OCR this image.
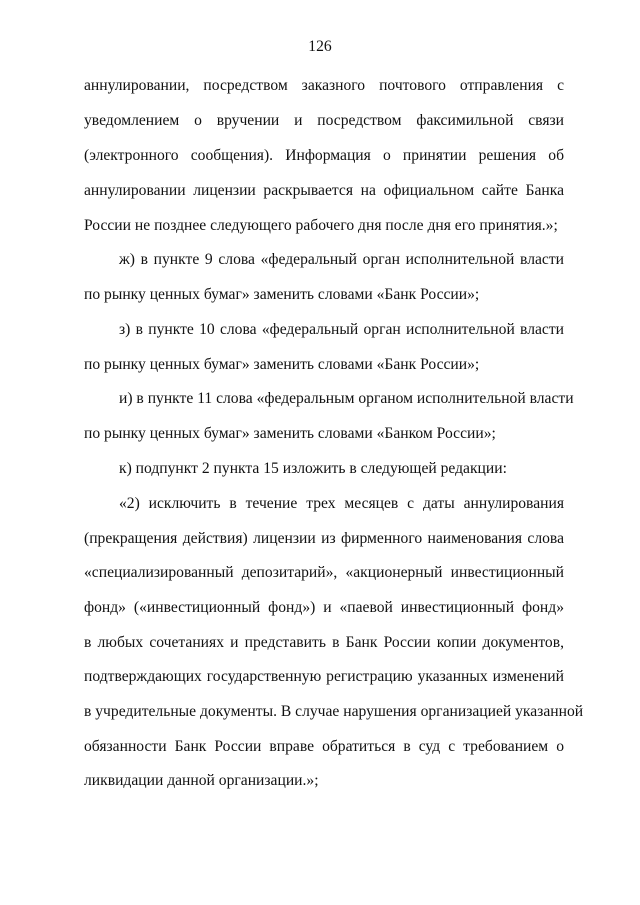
126
аннулировании, посредством заказного почтового отправления с
уведомлением о вручении и посредством факсимильной связи
(электронного сообщения). Информация о принятии решения об
аннулировании лицензии раскрывается на официальном сайте Банка
России не позднее следующего рабочего дня после дня его принятия.»;
ж) в пункте 9 слова «федеральный орган исполнительной власти
по рынку ценных бумаг» заменить словами «Банк России»;
з) в пункте 10 слова «федеральный орган исполнительной власти
по рынку ценных бумаг» заменить словами «Банк России»;
и) в пункте 11 слова «федеральным органом исполнительной власти
по рынку ценных бумаг» заменить словами «Банком России»;
к) подпункт 2 пункта 15 изложить в следующей редакции:
«2) исключить в течение трех месяцев с даты аннулирования
(прекращения действия) лицензии из фирменного наименования слова
«специализированный депозитарий», «акционерный инвестиционный
фонд» («инвестиционный фонд») и «паевой инвестиционный фонд»
в любых сочетаниях и представить в Банк России копии документов,
подтверждающих государственную регистрацию указанных изменений
в учредительные документы. В случае нарушения организацией указанной
обязанности Банк России вправе обратиться в суд с требованием о
ликвидации данной организации.»;
